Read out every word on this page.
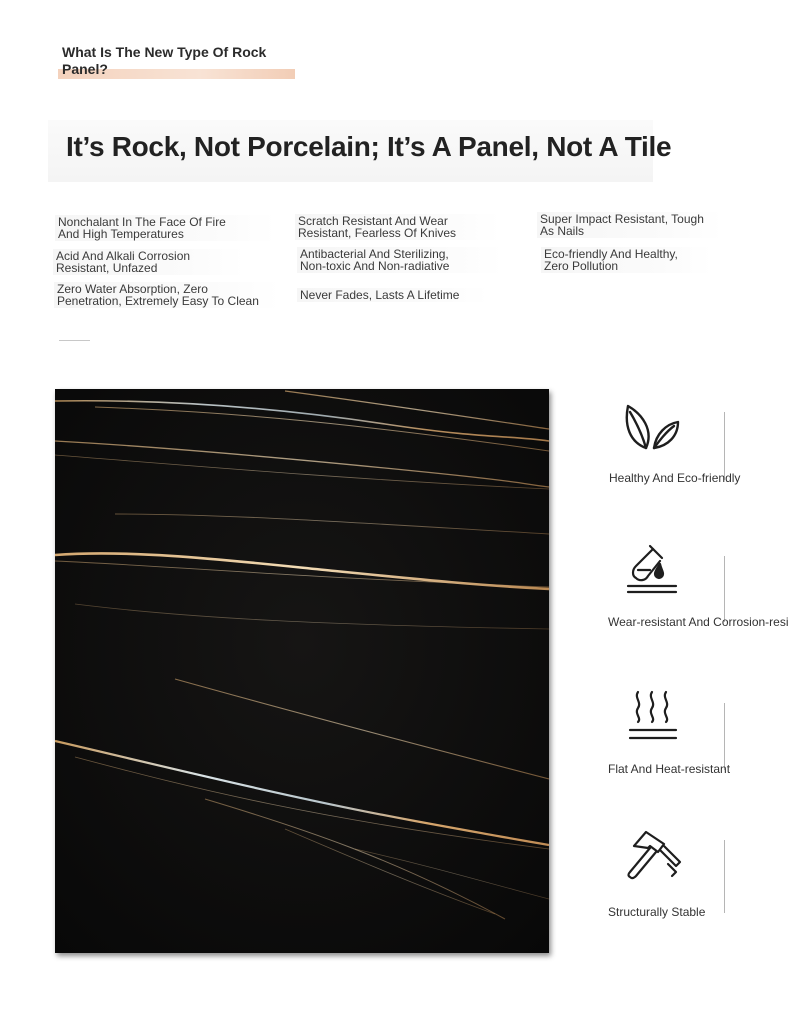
What Is The New Type Of Rock Panel?
It’s Rock, Not Porcelain; It’s A Panel, Not A Tile
Nonchalant In The Face Of Fire
And High Temperatures
Scratch Resistant And Wear
Resistant, Fearless Of Knives
Super Impact Resistant, Tough
As Nails
Acid And Alkali Corrosion
Resistant, Unfazed
Antibacterial And Sterilizing,
Non-toxic And Non-radiative
Eco-friendly And Healthy,
Zero Pollution
Zero Water Absorption, Zero
Penetration, Extremely Easy To Clean	Never Fades, Lasts A Lifetime
Healthy And Eco-friendly
Wear-resistant And Corrosion-resi
Flat And Heat-resistant
Structurally Stable
